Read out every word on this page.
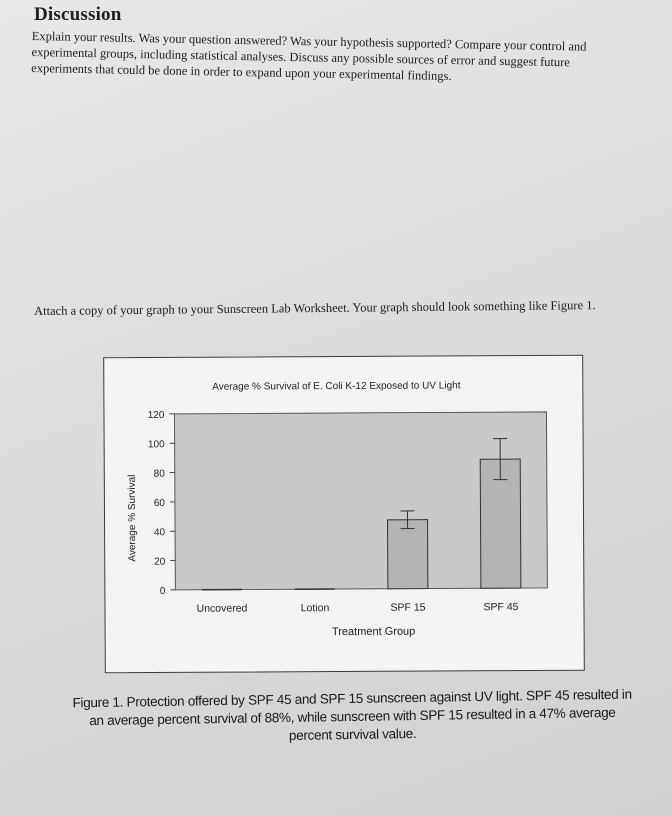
Discussion
Explain your results. Was your question answered? Was your hypothesis supported? Compare your control and experimental groups, including statistical analyses. Discuss any possible sources of error and suggest future experiments that could be done in order to expand upon your experimental findings.
Attach a copy of your graph to your Sunscreen Lab Worksheet. Your graph should look something like Figure 1.
Average % Survival of E. Coli K-12 Exposed to UV Light
Average % Survival
Treatment Group
0
20
40
60
80
100
120
Uncovered	Lotion	SPF 15	SPF 45
Figure 1. Protection offered by SPF 45 and SPF 15 sunscreen against UV light. SPF 45 resulted in an average percent survival of 88%, while sunscreen with SPF 15 resulted in a 47% average percent survival value.
